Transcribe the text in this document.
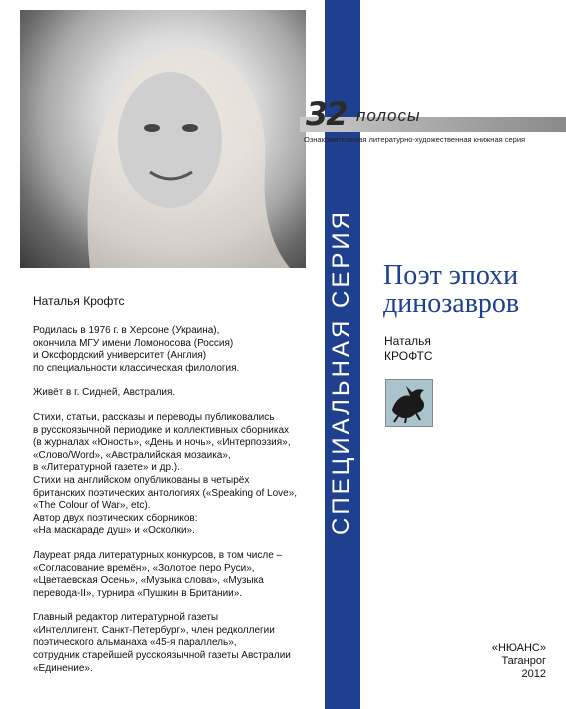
Наталья Крофтс

Родилась в 1976 г. в Херсоне (Украина),
окончила МГУ имени Ломоносова (Россия)
и Оксфордский университет (Англия)
по специальности классическая филология.

Живёт в г. Сидней, Австралия.

Стихи, статьи, рассказы и переводы публиковались
в русскоязычной периодике и коллективных сборниках
(в журналах «Юность», «День и ночь», «Интерпоэзия»,
«Слово/Word», «Австралийская мозаика»,
в «Литературной газете» и др.).
Стихи на английском опубликованы в четырёх
британских поэтических антологиях («Speaking of Love»,
«The Colour of War», etc).
Автор двух поэтических сборников:
«На маскараде душ» и «Осколки».

Лауреат ряда литературных конкурсов, в том числе –
«Согласование времён», «Золотое перо Руси»,
«Цветаевская Осень», «Музыка слова», «Музыка
перевода-II», турнира «Пушкин в Британии».

Главный редактор литературной газеты
«Интеллигент. Санкт-Петербург», член редколлегии
поэтического альманаха «45-я параллель»,
сотрудник старейшей русскоязычной газеты Австралии
«Единение».

СПЕЦИАЛЬНАЯ СЕРИЯ
32 полосы
Ознакомительная литературно-художественная книжная серия
Поэт эпохи динозавров
Наталья
КРОФТС
«НЮАНС»
Таганрог
2012
